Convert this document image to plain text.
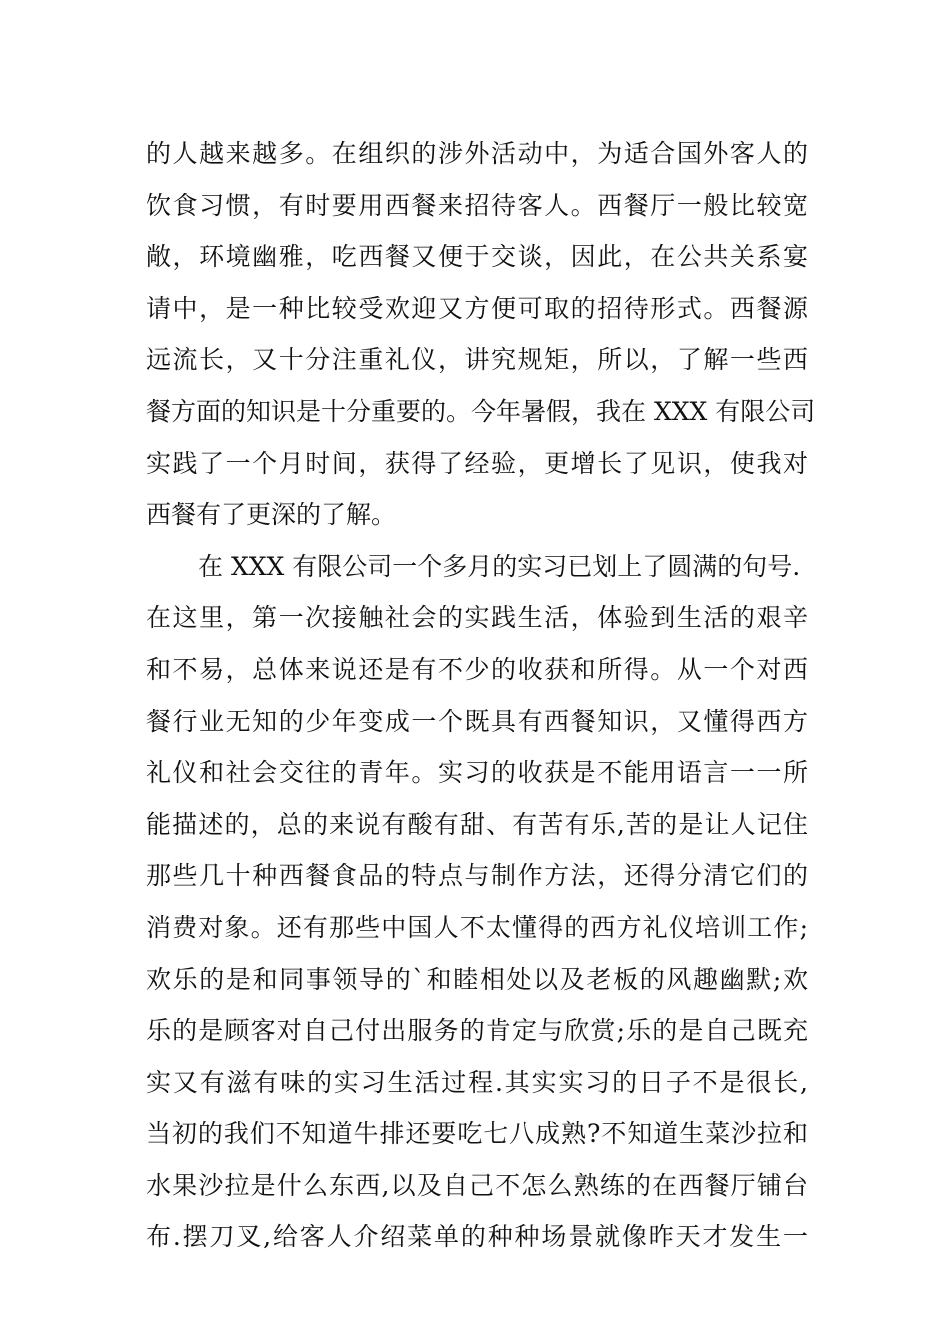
的人越来越多。在组织的涉外活动中，为适合国外客人的
饮食习惯，有时要用西餐来招待客人。西餐厅一般比较宽
敞，环境幽雅，吃西餐又便于交谈，因此，在公共关系宴
请中，是一种比较受欢迎又方便可取的招待形式。西餐源
远流长，又十分注重礼仪，讲究规矩，所以，了解一些西
餐方面的知识是十分重要的。今年暑假，我在 XXX 有限公司
实践了一个月时间，获得了经验，更增长了见识，使我对
西餐有了更深的了解。
在 XXX 有限公司一个多月的实习已划上了圆满的句号.
在这里，第一次接触社会的实践生活，体验到生活的艰辛
和不易，总体来说还是有不少的收获和所得。从一个对西
餐行业无知的少年变成一个既具有西餐知识，又懂得西方
礼仪和社会交往的青年。实习的收获是不能用语言一一所
能描述的，总的来说有酸有甜、有苦有乐,苦的是让人记住
那些几十种西餐食品的特点与制作方法，还得分清它们的
消费对象。还有那些中国人不太懂得的西方礼仪培训工作;
欢乐的是和同事领导的`和睦相处以及老板的风趣幽默;欢
乐的是顾客对自己付出服务的肯定与欣赏;乐的是自己既充
实又有滋有味的实习生活过程.其实实习的日子不是很长,
当初的我们不知道牛排还要吃七八成熟?不知道生菜沙拉和
水果沙拉是什么东西,以及自己不怎么熟练的在西餐厅铺台
布.摆刀叉,给客人介绍菜单的种种场景就像昨天才发生一
